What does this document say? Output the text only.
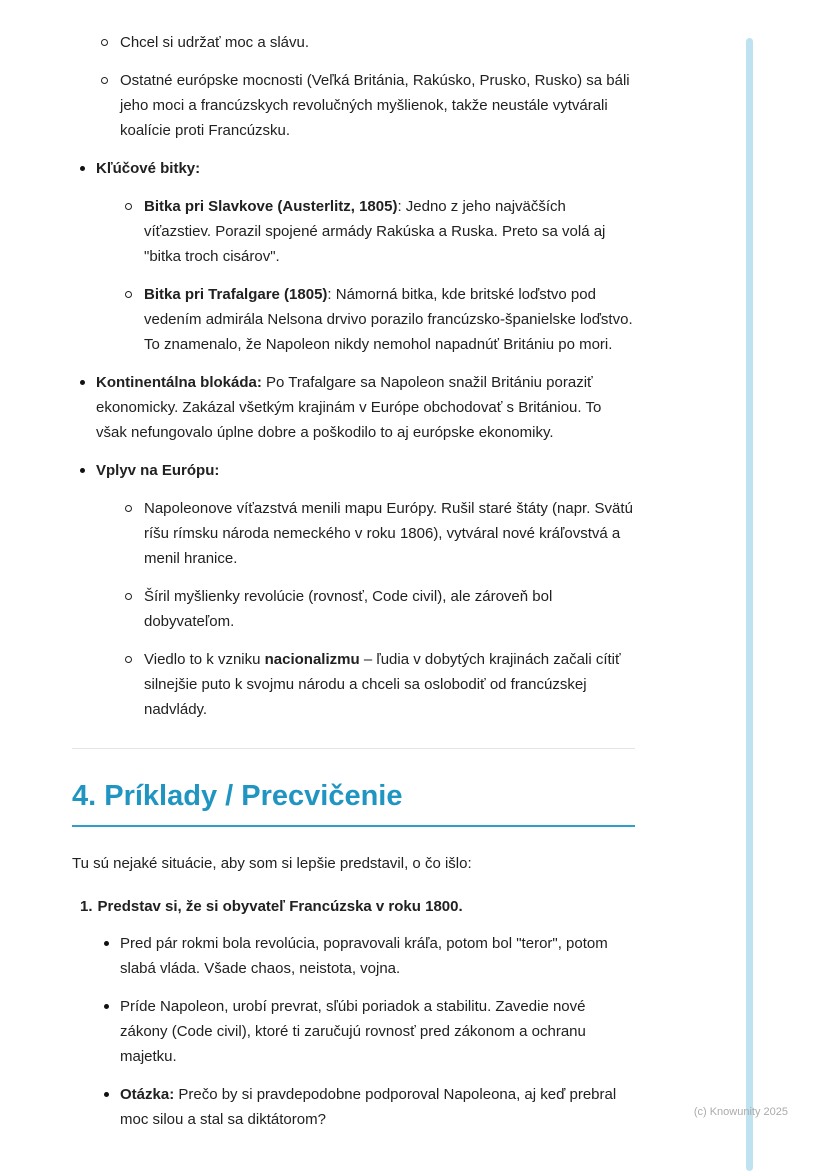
Chcel si udržať moc a slávu.
Ostatné európske mocnosti (Veľká Británia, Rakúsko, Prusko, Rusko) sa báli jeho moci a francúzskych revolučných myšlienok, takže neustále vytvárali koalície proti Francúzsku.
Kľúčové bitky:
Bitka pri Slavkove (Austerlitz, 1805): Jedno z jeho najväčších víťazstiev. Porazil spojené armády Rakúska a Ruska. Preto sa volá aj "bitka troch cisárov".
Bitka pri Trafalgare (1805): Námorná bitka, kde britské loďstvo pod vedením admirála Nelsona drvivo porazilo francúzsko-španielske loďstvo. To znamenalo, že Napoleon nikdy nemohol napadnúť Britániu po mori.
Kontinentálna blokáda: Po Trafalgare sa Napoleon snažil Britániu poraziť ekonomicky. Zakázal všetkým krajinám v Európe obchodovať s Britániou. To však nefungovalo úplne dobre a poškodilo to aj európske ekonomiky.
Vplyv na Európu:
Napoleonove víťazstvá menili mapu Európy. Rušil staré štáty (napr. Svätú ríšu rímsku národa nemeckého v roku 1806), vytváral nové kráľovstvá a menil hranice.
Šíril myšlienky revolúcie (rovnosť, Code civil), ale zároveň bol dobyvateľom.
Viedlo to k vzniku nacionalizmu – ľudia v dobytých krajinách začali cítiť silnejšie puto k svojmu národu a chceli sa oslobodiť od francúzskej nadvlády.
4. Príklady / Precvičenie

Tu sú nejaké situácie, aby som si lepšie predstavil, o čo išlo:

1. Predstav si, že si obyvateľ Francúzska v roku 1800.
Pred pár rokmi bola revolúcia, popravovali kráľa, potom bol "teror", potom slabá vláda. Všade chaos, neistota, vojna.
Príde Napoleon, urobí prevrat, sľúbi poriadok a stabilitu. Zavedie nové zákony (Code civil), ktoré ti zaručujú rovnosť pred zákonom a ochranu majetku.
Otázka: Prečo by si pravdepodobne podporoval Napoleona, aj keď prebral moc silou a stal sa diktátorom?	(c) Knowunity 2025
